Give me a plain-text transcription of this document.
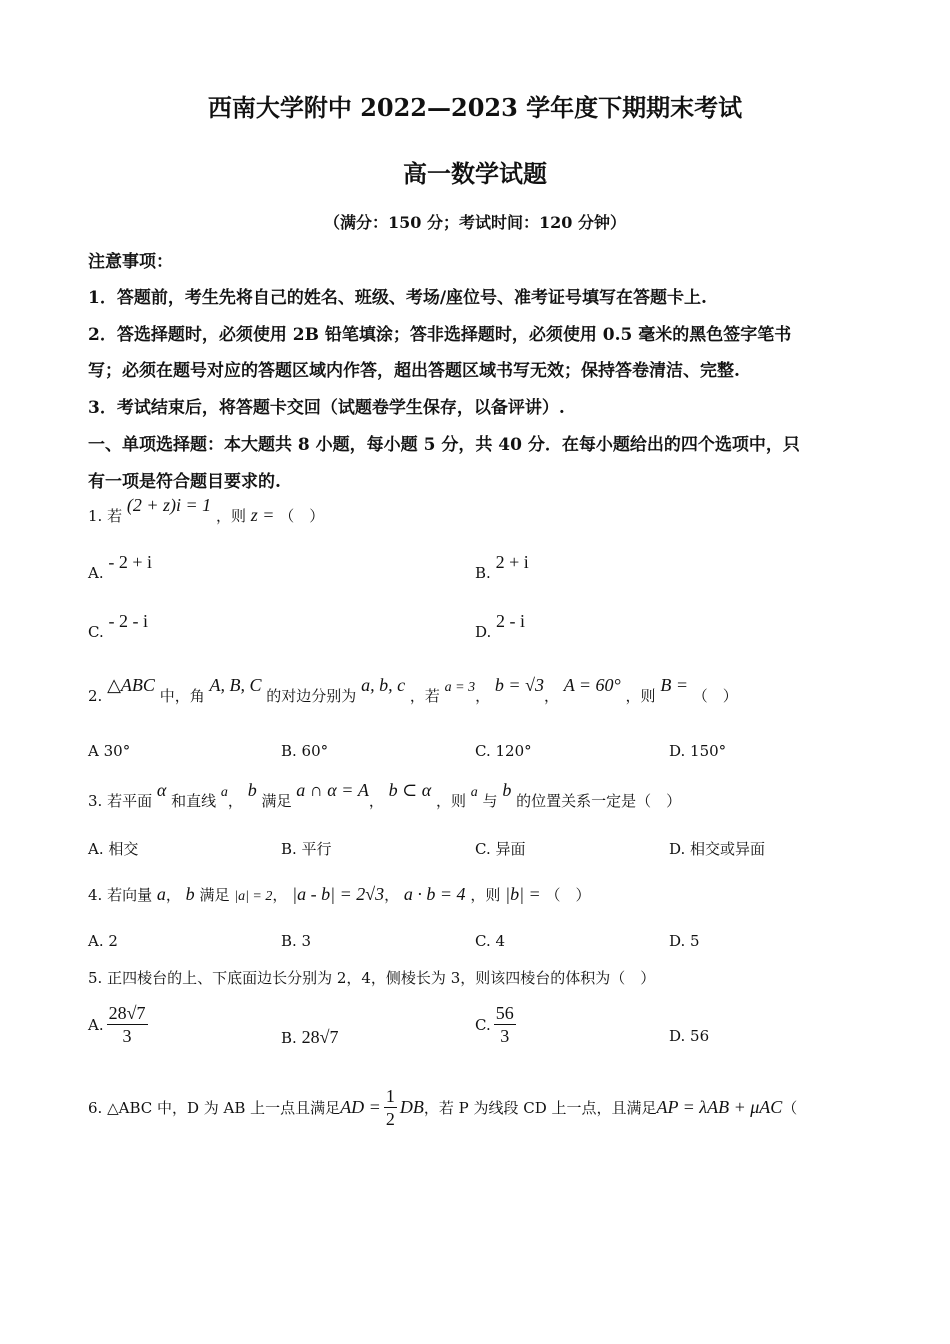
西南大学附中 2022—2023 学年度下期期末考试
高一数学试题
（满分：150 分；考试时间：120 分钟）
注意事项：
1．答题前，考生先将自己的姓名、班级、考场/座位号、准考证号填写在答题卡上.
2．答选择题时，必须使用 2B 铅笔填涂；答非选择题时，必须使用 0.5 毫米的黑色签字笔书
写；必须在题号对应的答题区域内作答，超出答题区域书写无效；保持答卷清洁、完整.
3．考试结束后，将答题卡交回（试题卷学生保存，以备评讲）.
一、单项选择题：本大题共 8 小题，每小题 5 分，共 40 分．在每小题给出的四个选项中，只
有一项是符合题目要求的.
1. 若 (2 + z)i = 1 ，则 z = （　）
A. - 2 + i
B. 2 + i
C. - 2 - i
D. 2 - i
2. △ABC 中，角 A, B, C 的对边分别为 a, b, c ，若 a = 3， b = √3， A = 60° ，则 B = （　）
A 30°	B. 60°	C. 120°	D. 150°
3. 若平面 α 和直线 a， b 满足 a ∩ α = A， b ⊂ α ，则 a 与 b 的位置关系一定是（　）
A. 相交	B. 平行	C. 异面	D. 相交或异面
4. 若向量 a， b 满足 |a| = 2， |a - b| = 2√3， a · b = 4 ，则 |b| = （　）
A. 2	B. 3	C. 4	D. 5
5. 正四棱台的上、下底面边长分别为 2，4，侧棱长为 3，则该四棱台的体积为（　）
A. $\frac{28√7}{3}$	B. 28√7
C. $\frac{56}{3}$	D. 56
6. △ABC 中，D 为 AB 上一点且满足 AD = $\frac{1}{2}$ DB ，若 P 为线段 CD 上一点，且满足 AP = λAB + μAC （
